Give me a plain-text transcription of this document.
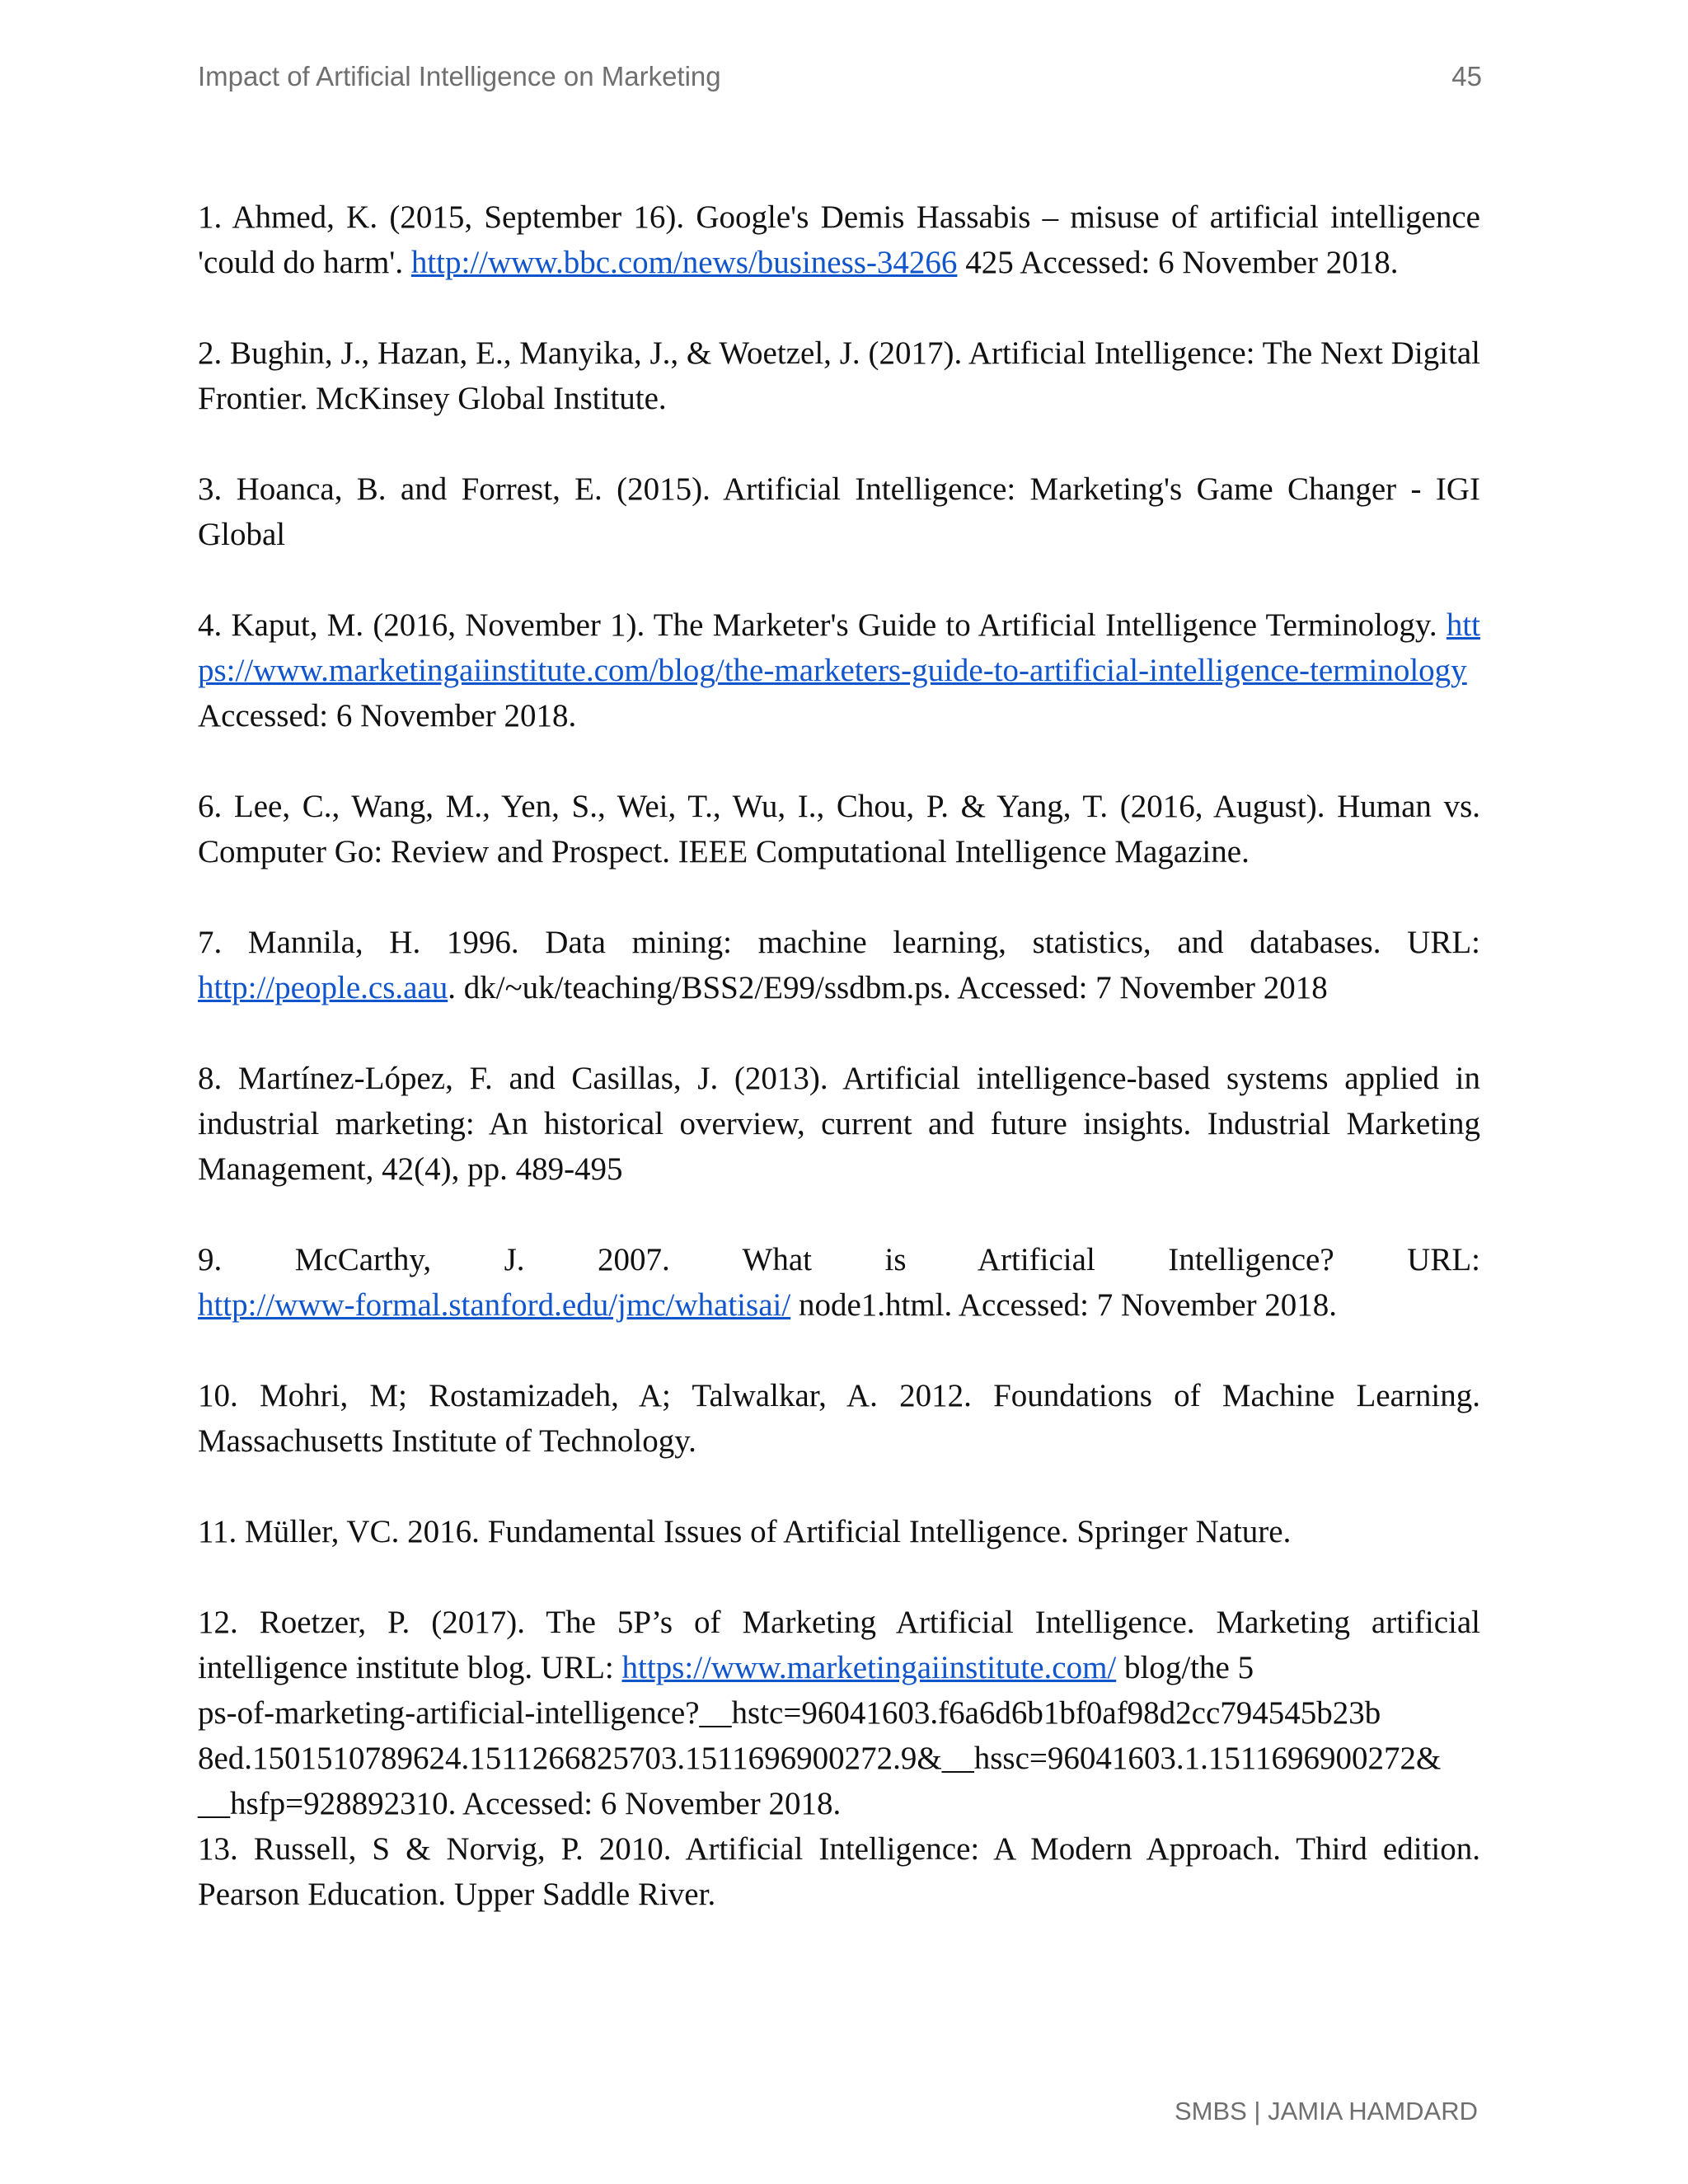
Impact of Artificial Intelligence on Marketing	45

1. Ahmed, K. (2015, September 16). Google's Demis Hassabis – misuse of artificial intelligence 'could do harm'. http://www.bbc.com/news/business-34266 425 Accessed: 6 November 2018.

2. Bughin, J., Hazan, E., Manyika, J., & Woetzel, J. (2017). Artificial Intelligence: The Next Digital Frontier. McKinsey Global Institute.

3. Hoanca, B. and Forrest, E. (2015). Artificial Intelligence: Marketing's Game Changer - IGI Global

4. Kaput, M. (2016, November 1). The Marketer's Guide to Artificial Intelligence Terminology. https://www.marketingaiinstitute.com/blog/the-marketers-guide-to-artificial-intelligence-terminology Accessed: 6 November 2018.

6. Lee, C., Wang, M., Yen, S., Wei, T., Wu, I., Chou, P. & Yang, T. (2016, August). Human vs. Computer Go: Review and Prospect. IEEE Computational Intelligence Magazine.

7. Mannila, H. 1996. Data mining: machine learning, statistics, and databases. URL: http://people.cs.aau. dk/~uk/teaching/BSS2/E99/ssdbm.ps. Accessed: 7 November 2018

8. Martínez-López, F. and Casillas, J. (2013). Artificial intelligence-based systems applied in industrial marketing: An historical overview, current and future insights. Industrial Marketing Management, 42(4), pp. 489-495

9. McCarthy, J. 2007. What is Artificial Intelligence? URL:
http://www-formal.stanford.edu/jmc/whatisai/ node1.html. Accessed: 7 November 2018.

10. Mohri, M; Rostamizadeh, A; Talwalkar, A. 2012. Foundations of Machine Learning. Massachusetts Institute of Technology.

11. Müller, VC. 2016. Fundamental Issues of Artificial Intelligence. Springer Nature.

12. Roetzer, P. (2017). The 5P’s of Marketing Artificial Intelligence. Marketing artificial intelligence institute blog. URL: https://www.marketingaiinstitute.com/ blog/the 5
ps-of-marketing-artificial-intelligence?__hstc=96041603.f6a6d6b1bf0af98d2cc794545b23b
8ed.1501510789624.1511266825703.1511696900272.9&__hssc=96041603.1.1511696900272&
__hsfp=928892310. Accessed: 6 November 2018.

13. Russell, S & Norvig, P. 2010. Artificial Intelligence: A Modern Approach. Third edition. Pearson Education. Upper Saddle River.

SMBS | JAMIA HAMDARD
